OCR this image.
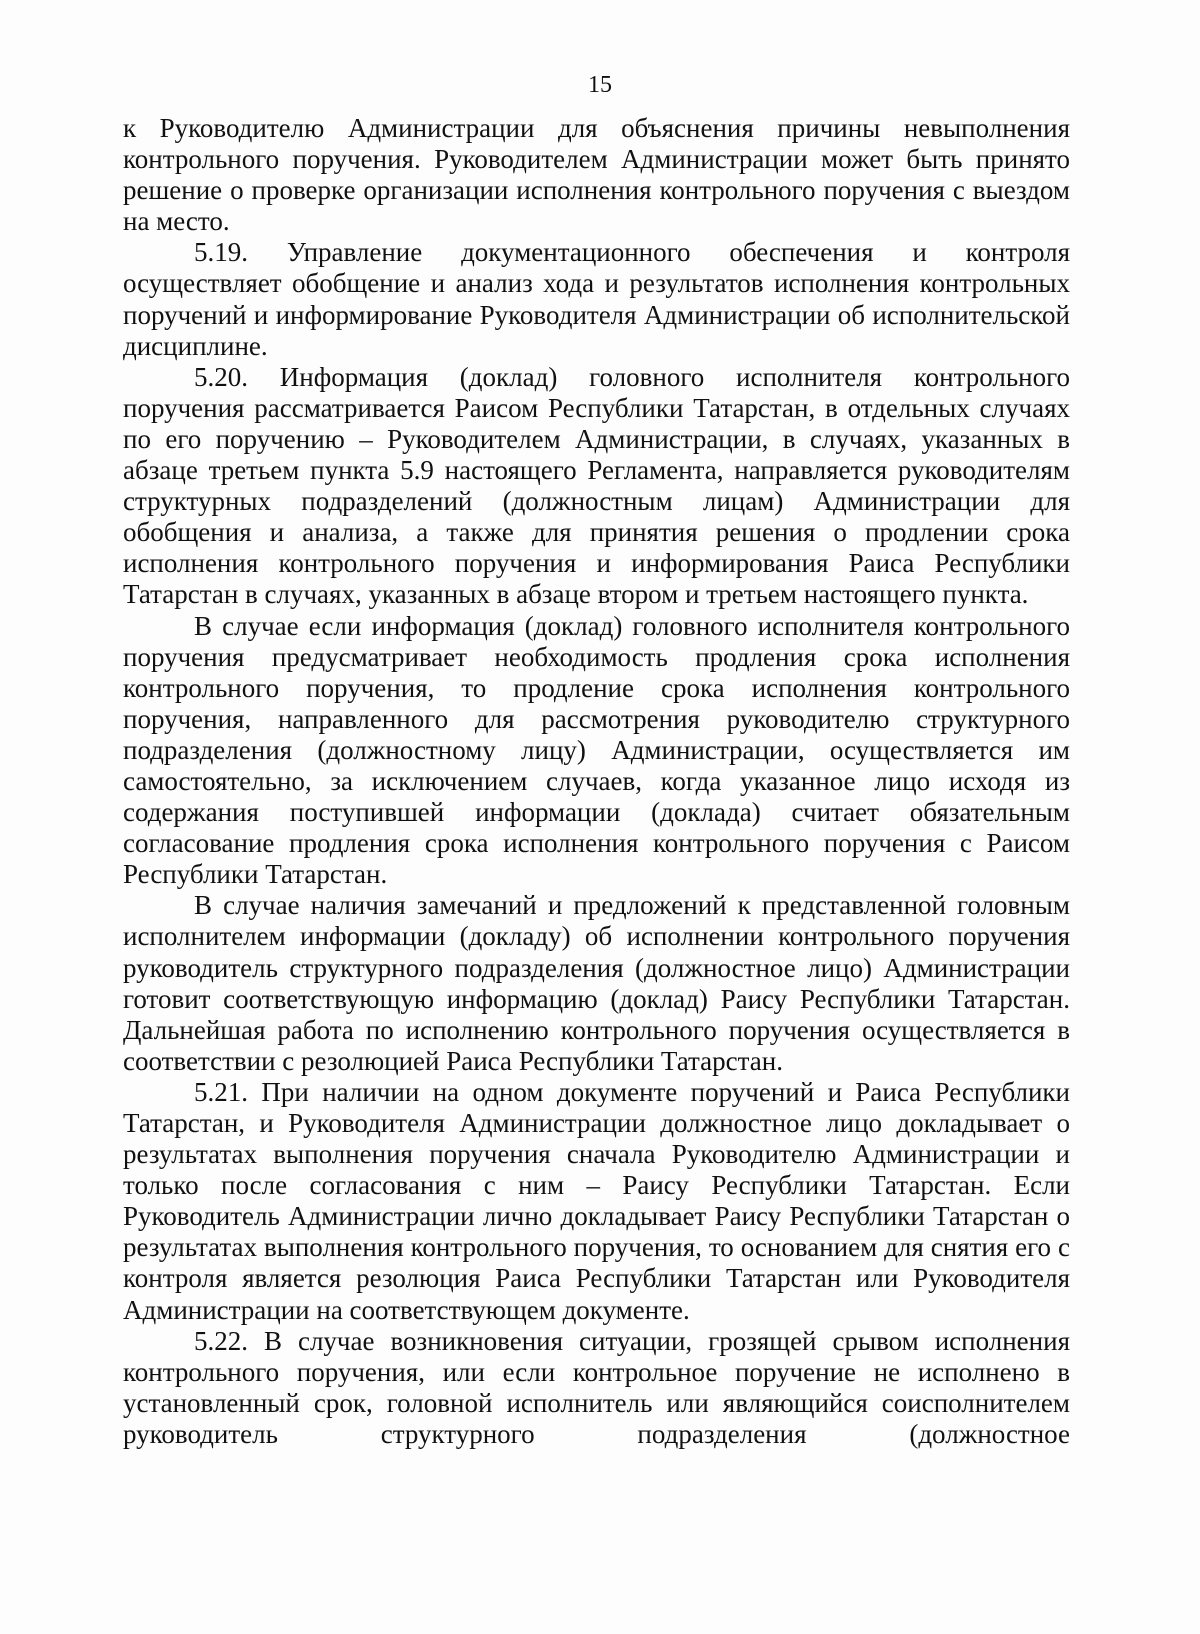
15

к Руководителю Администрации для объяснения причины невыполнения контрольного поручения. Руководителем Администрации может быть принято решение о проверке организации исполнения контрольного поручения с выездом на место.

5.19. Управление документационного обеспечения и контроля осуществляет обобщение и анализ хода и результатов исполнения контрольных поручений и информирование Руководителя Администрации об исполнительской дисциплине.

5.20. Информация (доклад) головного исполнителя контрольного поручения рассматривается Раисом Республики Татарстан, в отдельных случаях по его поручению – Руководителем Администрации, в случаях, указанных в абзаце третьем пункта 5.9 настоящего Регламента, направляется руководителям структурных подразделений (должностным лицам) Администрации для обобщения и анализа, а также для принятия решения о продлении срока исполнения контрольного поручения и информирования Раиса Республики Татарстан в случаях, указанных в абзаце втором и третьем настоящего пункта.

В случае если информация (доклад) головного исполнителя контрольного поручения предусматривает необходимость продления срока исполнения контрольного поручения, то продление срока исполнения контрольного поручения, направленного для рассмотрения руководителю структурного подразделения (должностному лицу) Администрации, осуществляется им самостоятельно, за исключением случаев, когда указанное лицо исходя из содержания поступившей информации (доклада) считает обязательным согласование продления срока исполнения контрольного поручения с Раисом Республики Татарстан.

В случае наличия замечаний и предложений к представленной головным исполнителем информации (докладу) об исполнении контрольного поручения руководитель структурного подразделения (должностное лицо) Администрации готовит соответствующую информацию (доклад) Раису Республики Татарстан. Дальнейшая работа по исполнению контрольного поручения осуществляется в соответствии с резолюцией Раиса Республики Татарстан.

5.21. При наличии на одном документе поручений и Раиса Республики Татарстан, и Руководителя Администрации должностное лицо докладывает о результатах выполнения поручения сначала Руководителю Администрации и только после согласования с ним – Раису Республики Татарстан. Если Руководитель Администрации лично докладывает Раису Республики Татарстан о результатах выполнения контрольного поручения, то основанием для снятия его с контроля является резолюция Раиса Республики Татарстан или Руководителя Администрации на соответствующем документе.

5.22. В случае возникновения ситуации, грозящей срывом исполнения контрольного поручения, или если контрольное поручение не исполнено в установленный срок, головной исполнитель или являющийся соисполнителем руководитель структурного подразделения (должностное
